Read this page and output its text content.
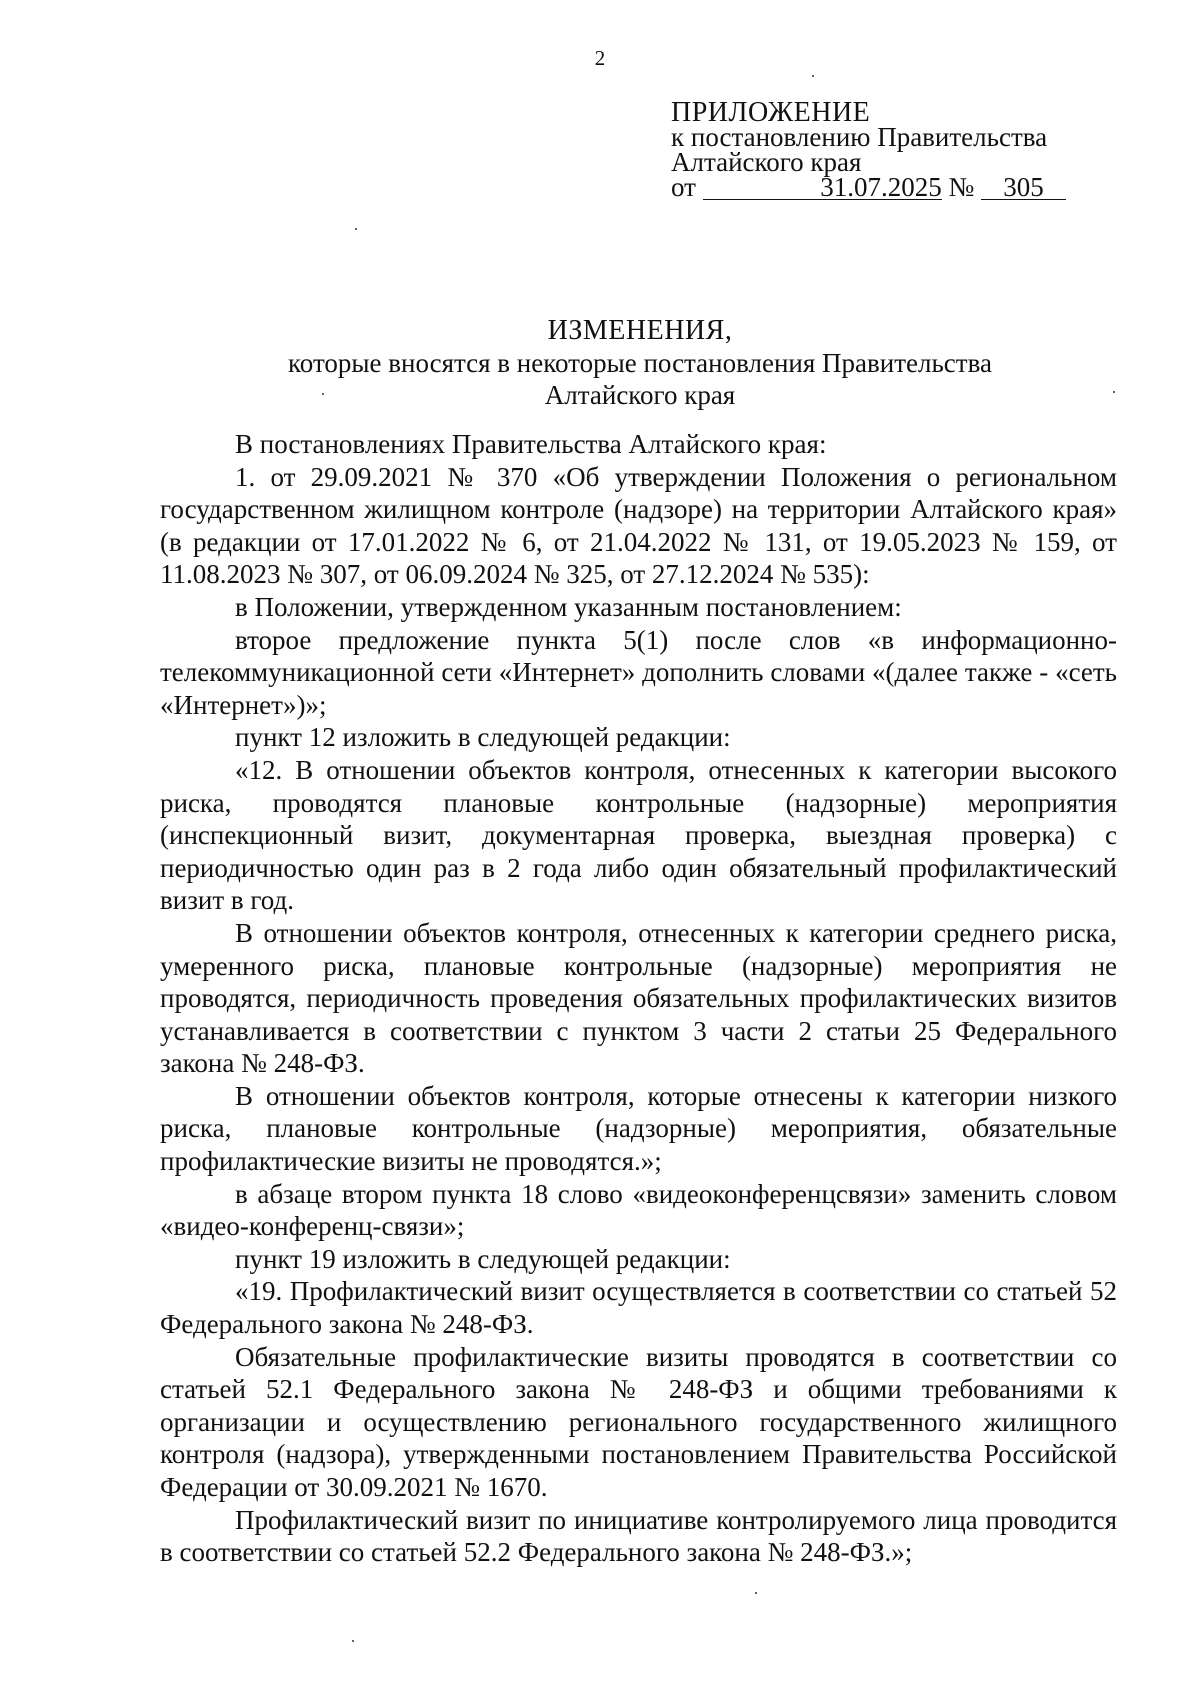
2
ПРИЛОЖЕНИЕ
к постановлению Правительства
Алтайского края
от	31.07.2025 № 305
ИЗМЕНЕНИЯ,
которые вносятся в некоторые постановления Правительства
Алтайского края

В постановлениях Правительства Алтайского края:

1. от 29.09.2021 № 370 «Об утверждении Положения о региональном государственном жилищном контроле (надзоре) на территории Алтайского края» (в редакции от 17.01.2022 № 6, от 21.04.2022 № 131, от 19.05.2023 № 159, от 11.08.2023 № 307, от 06.09.2024 № 325, от 27.12.2024 № 535):

в Положении, утвержденном указанным постановлением:

второе предложение пункта 5(1) после слов «в информационно-телекоммуникационной сети «Интернет» дополнить словами «(далее также - «сеть «Интернет»)»;

пункт 12 изложить в следующей редакции:

«12. В отношении объектов контроля, отнесенных к категории высокого риска, проводятся плановые контрольные (надзорные) мероприятия (инспекционный визит, документарная проверка, выездная проверка) с периодичностью один раз в 2 года либо один обязательный профилактический визит в год.

В отношении объектов контроля, отнесенных к категории среднего риска, умеренного риска, плановые контрольные (надзорные) мероприятия не проводятся, периодичность проведения обязательных профилактических визитов устанавливается в соответствии с пунктом 3 части 2 статьи 25 Федерального закона № 248-ФЗ.

В отношении объектов контроля, которые отнесены к категории низкого риска, плановые контрольные (надзорные) мероприятия, обязательные профилактические визиты не проводятся.»;

в абзаце втором пункта 18 слово «видеоконференцсвязи» заменить словом «видео-конференц-связи»;

пункт 19 изложить в следующей редакции:

«19. Профилактический визит осуществляется в соответствии со статьей 52 Федерального закона № 248-ФЗ.

Обязательные профилактические визиты проводятся в соответствии со статьей 52.1 Федерального закона № 248-ФЗ и общими требованиями к организации и осуществлению регионального государственного жилищного контроля (надзора), утвержденными постановлением Правительства Российской Федерации от 30.09.2021 № 1670.

Профилактический визит по инициативе контролируемого лица проводится в соответствии со статьей 52.2 Федерального закона № 248-ФЗ.»;
